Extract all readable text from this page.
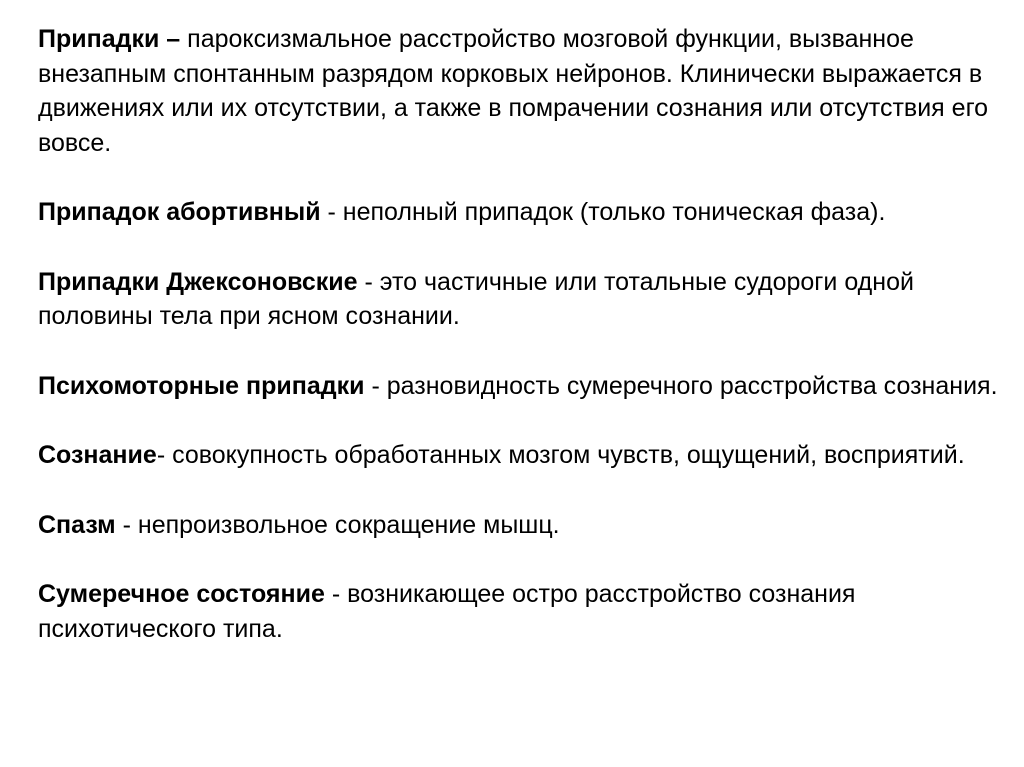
Припадки – пароксизмальное расстройство мозговой функции, вызванное внезапным спонтанным разрядом корковых нейронов. Клинически выражается в движениях или их отсутствии, а также в помрачении сознания или отсутствия его вовсе.

Припадок абортивный - неполный припадок (только тоническая фаза).

Припадки Джексоновские - это частичные или тотальные судороги одной половины тела при ясном сознании.

Психомоторные припадки - разновидность сумеречного расстройства сознания.

Сознание- совокупность обработанных мозгом чувств, ощущений, восприятий.

Спазм - непроизвольное сокращение мышц.

Сумеречное состояние - возникающее остро расстройство сознания психотического типа.
